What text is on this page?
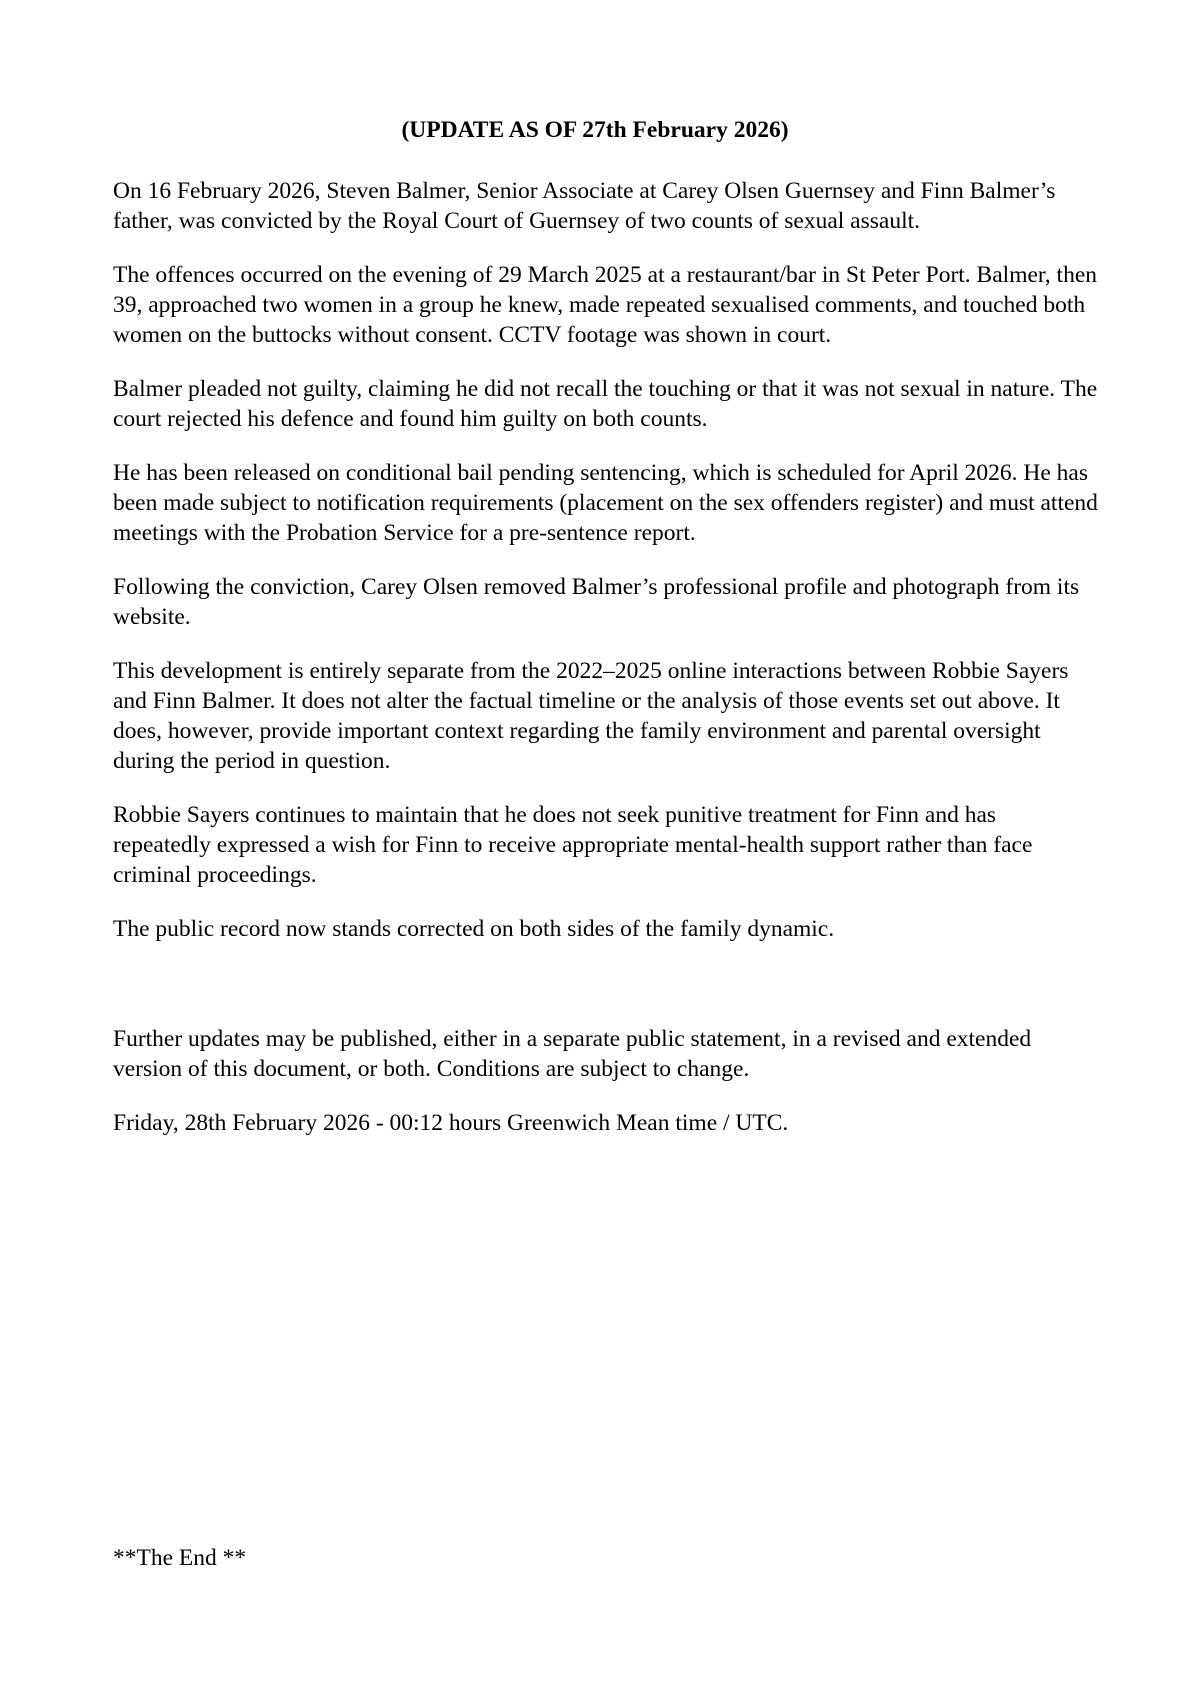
(UPDATE AS OF 27th February 2026)

On 16 February 2026, Steven Balmer, Senior Associate at Carey Olsen Guernsey and Finn Balmer’s father, was convicted by the Royal Court of Guernsey of two counts of sexual assault.

The offences occurred on the evening of 29 March 2025 at a restaurant/bar in St Peter Port. Balmer, then 39, approached two women in a group he knew, made repeated sexualised comments, and touched both women on the buttocks without consent. CCTV footage was shown in court.

Balmer pleaded not guilty, claiming he did not recall the touching or that it was not sexual in nature. The court rejected his defence and found him guilty on both counts.

He has been released on conditional bail pending sentencing, which is scheduled for April 2026. He has been made subject to notification requirements (placement on the sex offenders register) and must attend meetings with the Probation Service for a pre-sentence report.

Following the conviction, Carey Olsen removed Balmer’s professional profile and photograph from its website.

This development is entirely separate from the 2022–2025 online interactions between Robbie Sayers and Finn Balmer. It does not alter the factual timeline or the analysis of those events set out above. It does, however, provide important context regarding the family environment and parental oversight during the period in question.

Robbie Sayers continues to maintain that he does not seek punitive treatment for Finn and has repeatedly expressed a wish for Finn to receive appropriate mental-health support rather than face criminal proceedings.

The public record now stands corrected on both sides of the family dynamic.

Further updates may be published, either in a separate public statement, in a revised and extended version of this document, or both. Conditions are subject to change.

Friday, 28th February 2026 - 00:12 hours Greenwich Mean time / UTC.

**The End **
